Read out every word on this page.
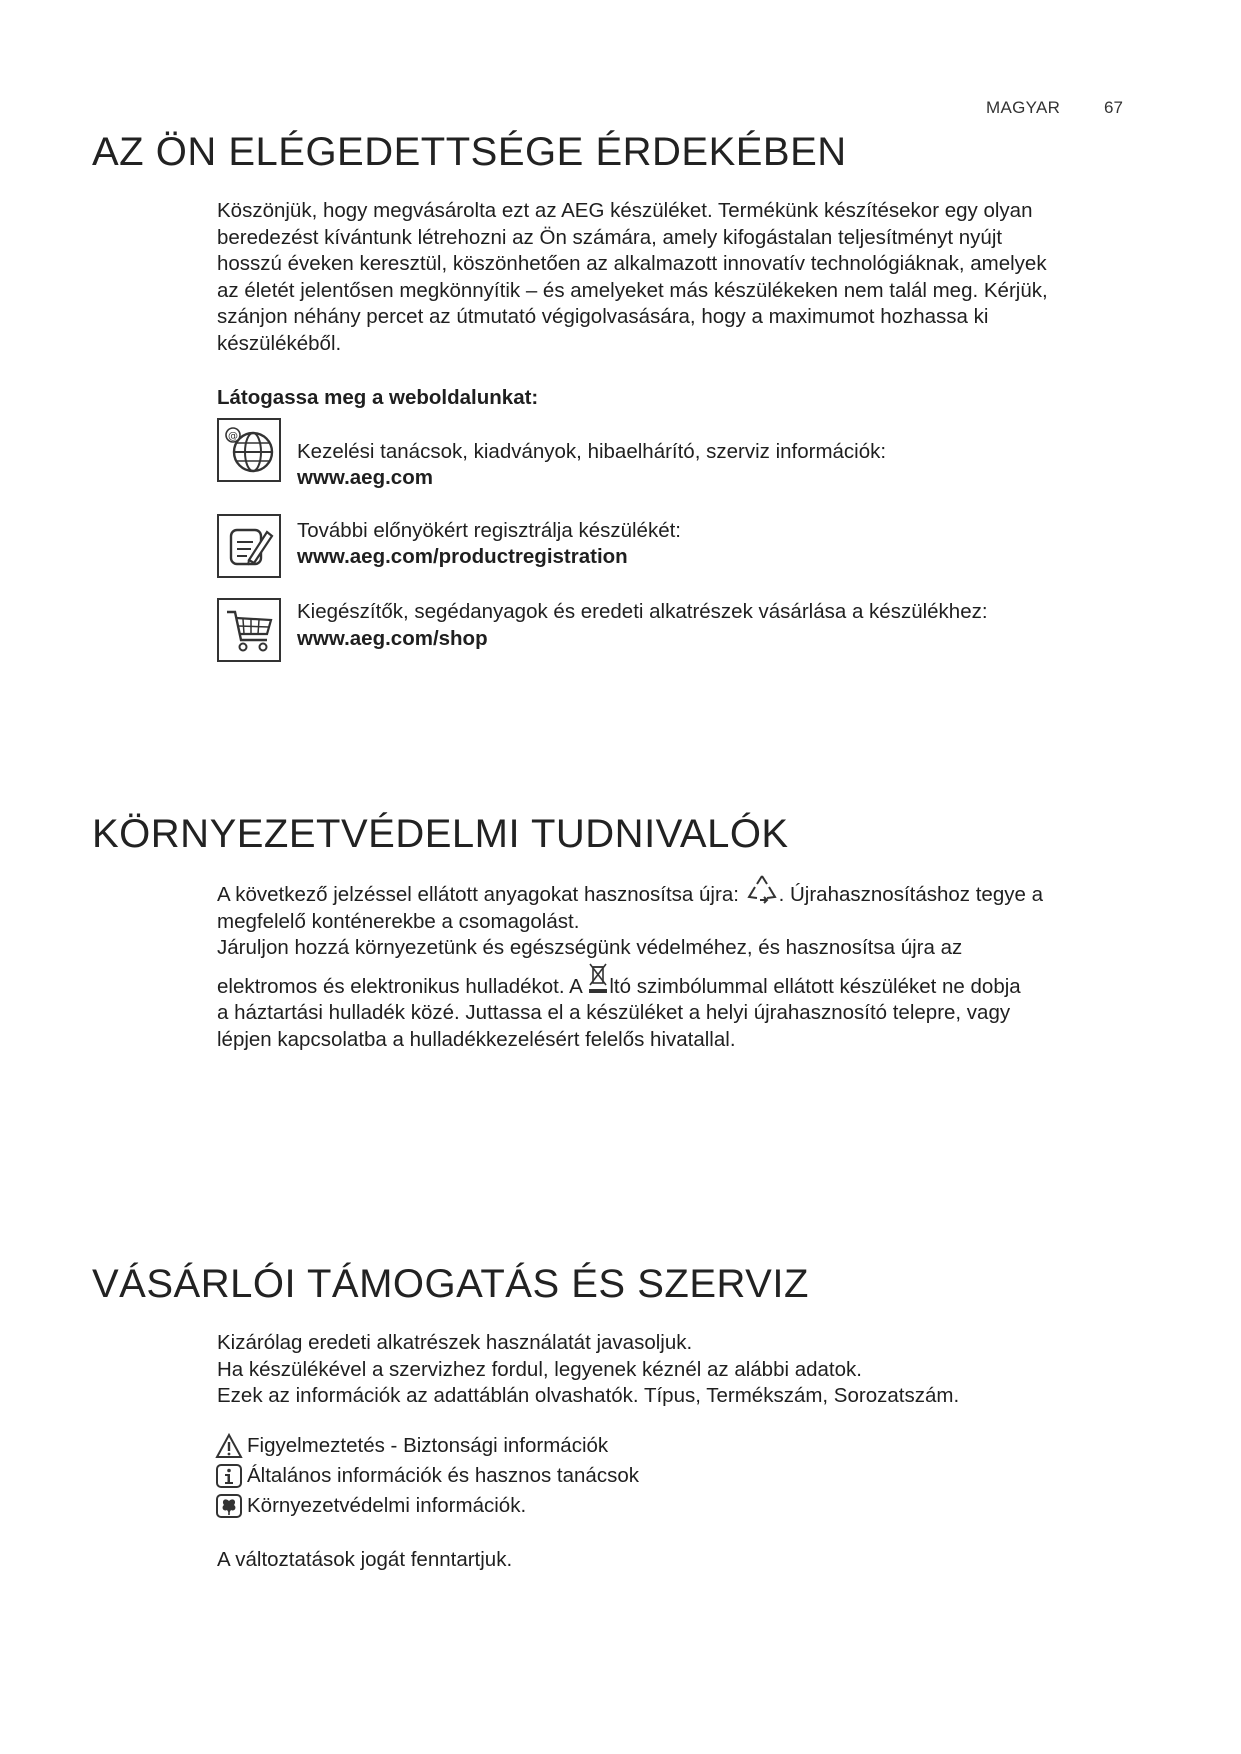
MAGYAR	67
AZ ÖN ELÉGEDETTSÉGE ÉRDEKÉBEN
Köszönjük, hogy megvásárolta ezt az AEG készüléket. Termékünk készítésekor egy olyan
beredezést kívántunk létrehozni az Ön számára, amely kifogástalan teljesítményt nyújt
hosszú éveken keresztül, köszönhetően az alkalmazott innovatív technológiáknak, amelyek
az életét jelentősen megkönnyítik – és amelyeket más készülékeken nem talál meg. Kérjük,
szánjon néhány percet az útmutató végigolvasására, hogy a maximumot hozhassa ki
készülékéből.
Látogassa meg a weboldalunkat:
@
Kezelési tanácsok, kiadványok, hibaelhárító, szerviz információk:
www.aeg.com
További előnyökért regisztrálja készülékét:
www.aeg.com/productregistration
Kiegészítők, segédanyagok és eredeti alkatrészek vásárlása a készülékhez:
www.aeg.com/shop
KÖRNYEZETVÉDELMI TUDNIVALÓK
A következő jelzéssel ellátott anyagokat hasznosítsa újra: . Újrahasznosításhoz tegye a
megfelelő konténerekbe a csomagolást.
Járuljon hozzá környezetünk és egészségünk védelméhez, és hasznosítsa újra az
elektromos és elektronikus hulladékot. A ltó szimbólummal ellátott készüléket ne dobja
a háztartási hulladék közé. Juttassa el a készüléket a helyi újrahasznosító telepre, vagy
lépjen kapcsolatba a hulladékkezelésért felelős hivatallal.
VÁSÁRLÓI TÁMOGATÁS ÉS SZERVIZ
Kizárólag eredeti alkatrészek használatát javasoljuk.
Ha készülékével a szervizhez fordul, legyenek kéznél az alábbi adatok.
Ezek az információk az adattáblán olvashatók. Típus, Termékszám, Sorozatszám.
Figyelmeztetés - Biztonsági információk
Általános információk és hasznos tanácsok
Környezetvédelmi információk.
A változtatások jogát fenntartjuk.
